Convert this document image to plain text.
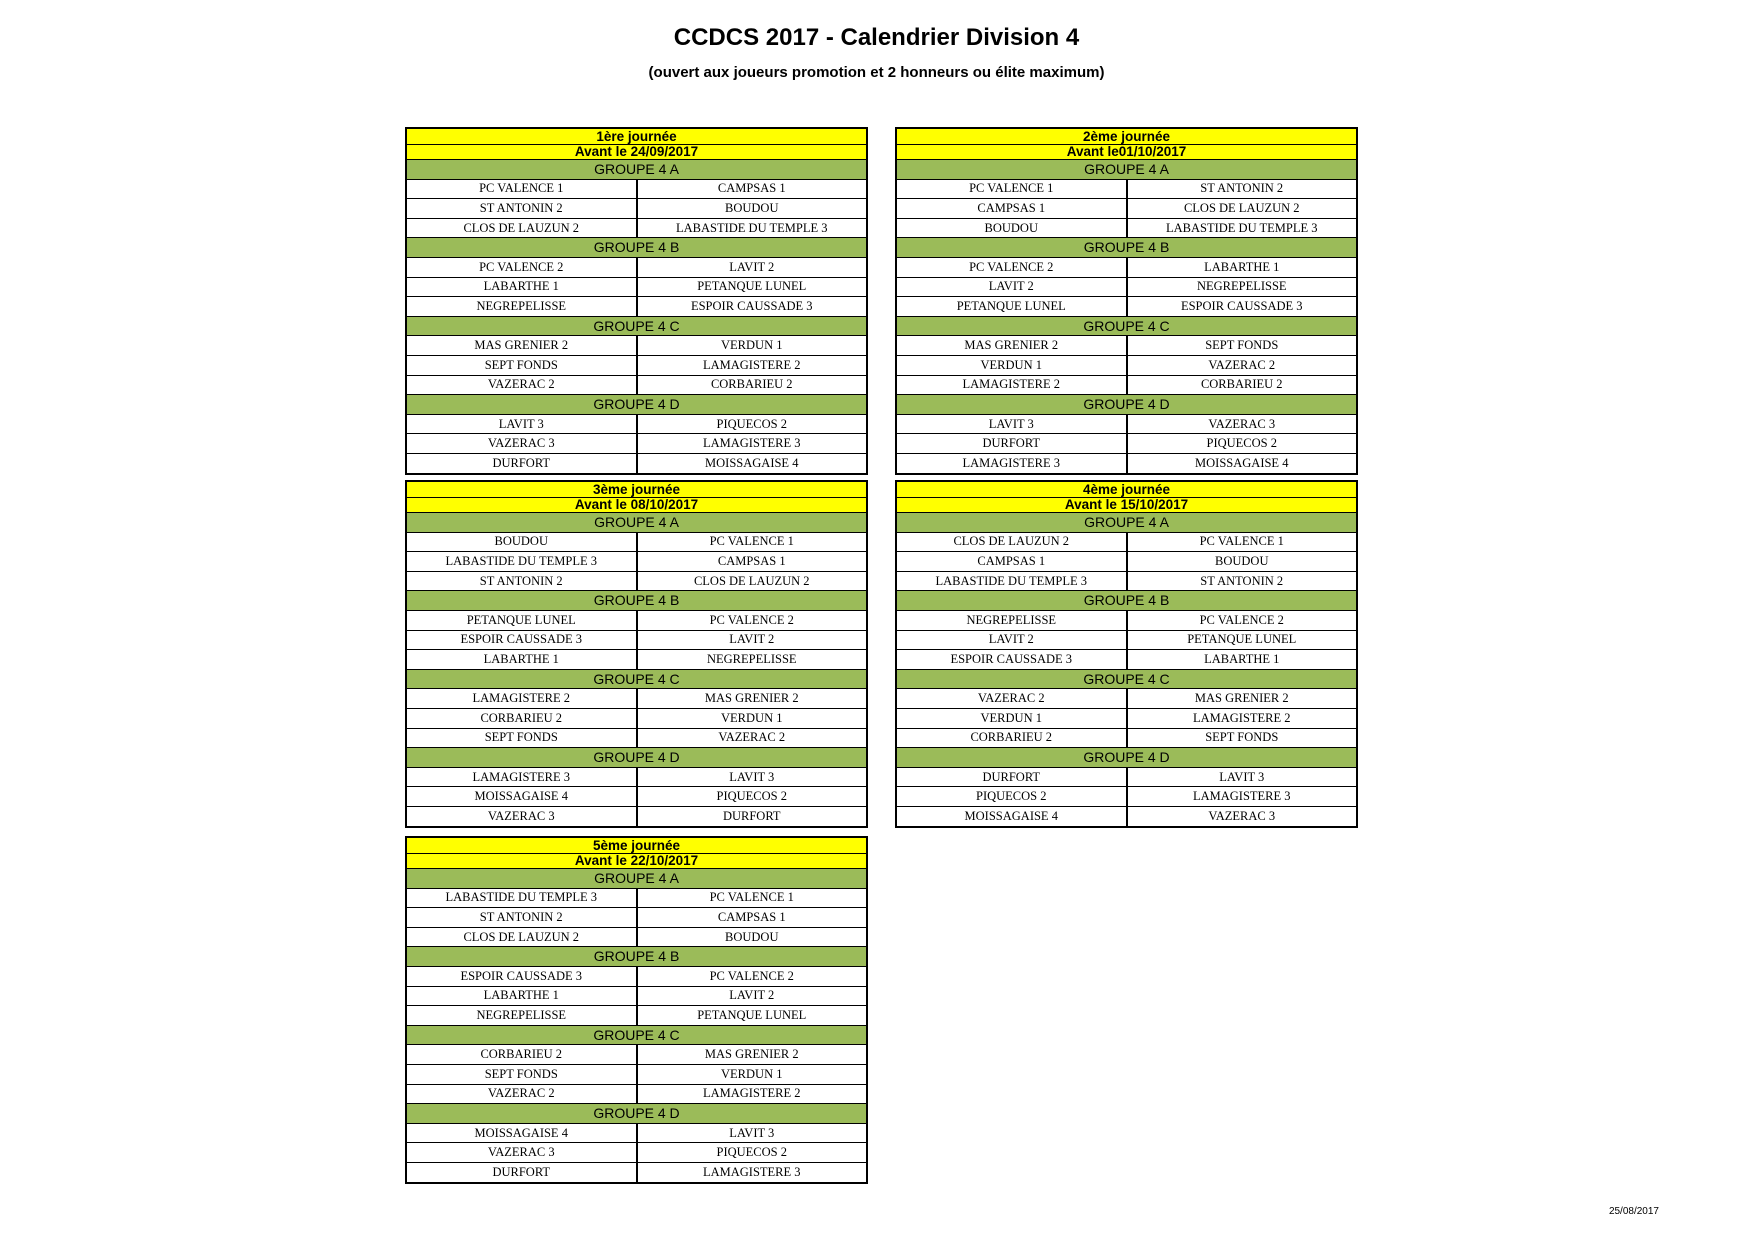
CCDCS 2017 - Calendrier Division 4
(ouvert aux joueurs promotion et 2 honneurs ou élite maximum)
1ère journée	
Avant le 24/09/2017	
GROUPE 4 A	
PC VALENCE 1	CAMPSAS 1
ST ANTONIN 2	BOUDOU
CLOS DE LAUZUN 2	LABASTIDE DU TEMPLE 3
GROUPE 4 B	
PC VALENCE 2	LAVIT 2
LABARTHE 1	PETANQUE LUNEL
NEGREPELISSE	ESPOIR CAUSSADE 3
GROUPE 4 C	
MAS GRENIER 2	VERDUN 1
SEPT FONDS	LAMAGISTERE 2
VAZERAC 2	CORBARIEU 2
GROUPE 4 D	
LAVIT 3	PIQUECOS 2
VAZERAC 3	LAMAGISTERE 3
DURFORT	MOISSAGAISE 4
2ème journée	
Avant le01/10/2017	
GROUPE 4 A	
PC VALENCE 1	ST ANTONIN 2
CAMPSAS 1	CLOS DE LAUZUN 2
BOUDOU	LABASTIDE DU TEMPLE 3
GROUPE 4 B	
PC VALENCE 2	LABARTHE 1
LAVIT 2	NEGREPELISSE
PETANQUE LUNEL	ESPOIR CAUSSADE 3
GROUPE 4 C	
MAS GRENIER 2	SEPT FONDS
VERDUN 1	VAZERAC 2
LAMAGISTERE 2	CORBARIEU 2
GROUPE 4 D	
LAVIT 3	VAZERAC 3
DURFORT	PIQUECOS 2
LAMAGISTERE 3	MOISSAGAISE 4
3ème journée	
Avant le 08/10/2017	
GROUPE 4 A	
BOUDOU	PC VALENCE 1
LABASTIDE DU TEMPLE 3	CAMPSAS 1
ST ANTONIN 2	CLOS DE LAUZUN 2
GROUPE 4 B	
PETANQUE LUNEL	PC VALENCE 2
ESPOIR CAUSSADE 3	LAVIT 2
LABARTHE 1	NEGREPELISSE
GROUPE 4 C	
LAMAGISTERE 2	MAS GRENIER 2
CORBARIEU 2	VERDUN 1
SEPT FONDS	VAZERAC 2
GROUPE 4 D	
LAMAGISTERE 3	LAVIT 3
MOISSAGAISE 4	PIQUECOS 2
VAZERAC 3	DURFORT
4ème journée	
Avant le 15/10/2017	
GROUPE 4 A	
CLOS DE LAUZUN 2	PC VALENCE 1
CAMPSAS 1	BOUDOU
LABASTIDE DU TEMPLE 3	ST ANTONIN 2
GROUPE 4 B	
NEGREPELISSE	PC VALENCE 2
LAVIT 2	PETANQUE LUNEL
ESPOIR CAUSSADE 3	LABARTHE 1
GROUPE 4 C	
VAZERAC 2	MAS GRENIER 2
VERDUN 1	LAMAGISTERE 2
CORBARIEU 2	SEPT FONDS
GROUPE 4 D	
DURFORT	LAVIT 3
PIQUECOS 2	LAMAGISTERE 3
MOISSAGAISE 4	VAZERAC 3
5ème journée	
Avant le 22/10/2017	
GROUPE 4 A	
LABASTIDE DU TEMPLE 3	PC VALENCE 1
ST ANTONIN 2	CAMPSAS 1
CLOS DE LAUZUN 2	BOUDOU
GROUPE 4 B	
ESPOIR CAUSSADE 3	PC VALENCE 2
LABARTHE 1	LAVIT 2
NEGREPELISSE	PETANQUE LUNEL
GROUPE 4 C	
CORBARIEU 2	MAS GRENIER 2
SEPT FONDS	VERDUN 1
VAZERAC 2	LAMAGISTERE 2
GROUPE 4 D	
MOISSAGAISE 4	LAVIT 3
VAZERAC 3	PIQUECOS 2
DURFORT	LAMAGISTERE 3
25/08/2017
